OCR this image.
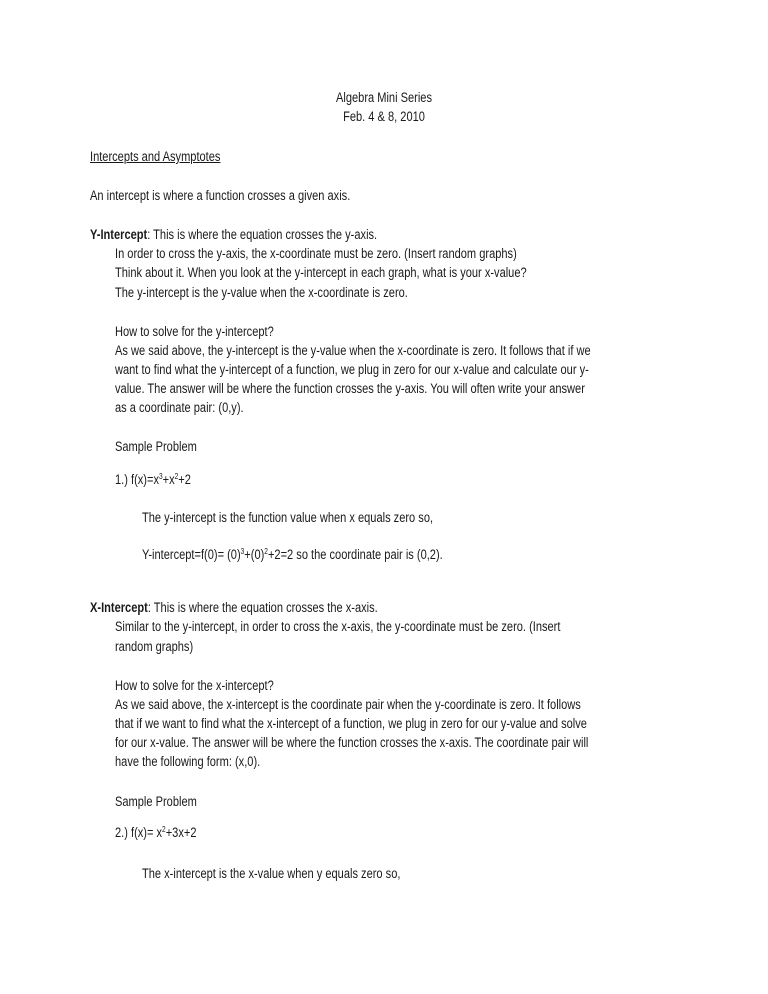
Algebra Mini Series
Feb. 4 & 8, 2010
Intercepts and Asymptotes
An intercept is where a function crosses a given axis.
Y-Intercept: This is where the equation crosses the y-axis.
In order to cross the y-axis, the x-coordinate must be zero. (Insert random graphs)
Think about it. When you look at the y-intercept in each graph, what is your x-value?
The y-intercept is the y-value when the x-coordinate is zero.
How to solve for the y-intercept?
As we said above, the y-intercept is the y-value when the x-coordinate is zero. It follows that if we
want to find what the y-intercept of a function, we plug in zero for our x-value and calculate our y-
value. The answer will be where the function crosses the y-axis. You will often write your answer
as a coordinate pair: (0,y).
Sample Problem
1.) $f(x)=x^3+x^2+2$
The y-intercept is the function value when x equals zero so,
Y-intercept=f(0)= $(0)^3+(0)^2+2=2$ so the coordinate pair is (0,2).
X-Intercept: This is where the equation crosses the x-axis.
Similar to the y-intercept, in order to cross the x-axis, the y-coordinate must be zero. (Insert
random graphs)
How to solve for the x-intercept?
As we said above, the x-intercept is the coordinate pair when the y-coordinate is zero. It follows
that if we want to find what the x-intercept of a function, we plug in zero for our y-value and solve
for our x-value. The answer will be where the function crosses the x-axis. The coordinate pair will
have the following form: (x,0).
Sample Problem
2.) $f(x)= x^2+3x+2$
The x-intercept is the x-value when y equals zero so,
